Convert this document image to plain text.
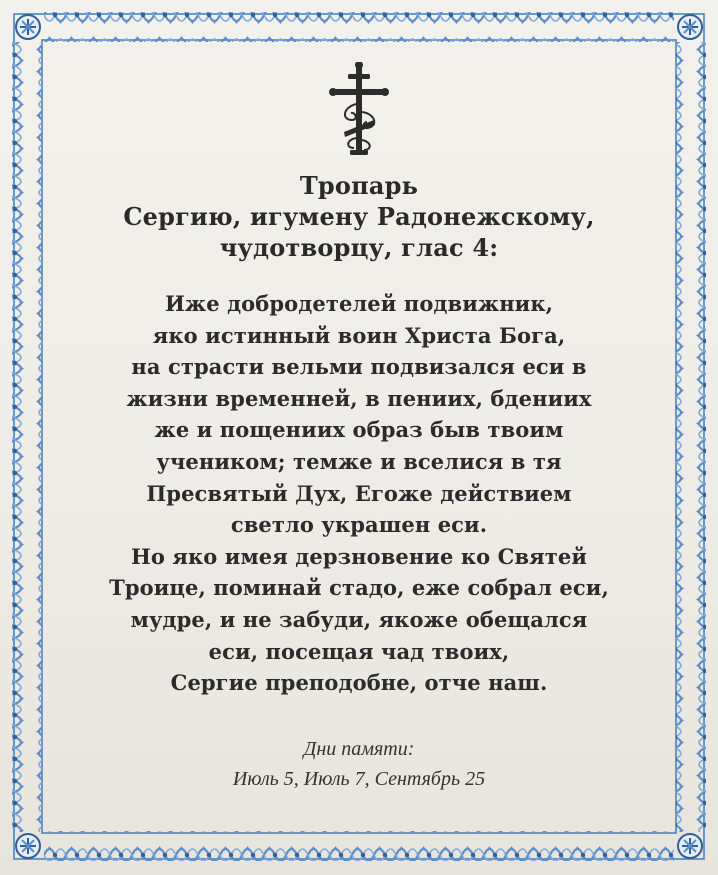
Тропарь
Сергию, игумену Радонежскому,
чудотворцу, глас 4:
Иже добродетелей подвижник,
яко истинный воин Христа Бога,
на страсти вельми подвизался еси в
жизни временней, в пениих, бдениих
же и пощениих образ быв твоим
учеником; темже и вселися в тя
Пресвятый Дух, Егоже действием
светло украшен еси.
Но яко имея дерзновение ко Святей
Троице, поминай стадо, еже собрал еси,
мудре, и не забуди, якоже обещался
еси, посещая чад твоих,
Сергие преподобне, отче наш.
Дни памяти:
Июль 5, Июль 7, Сентябрь 25
